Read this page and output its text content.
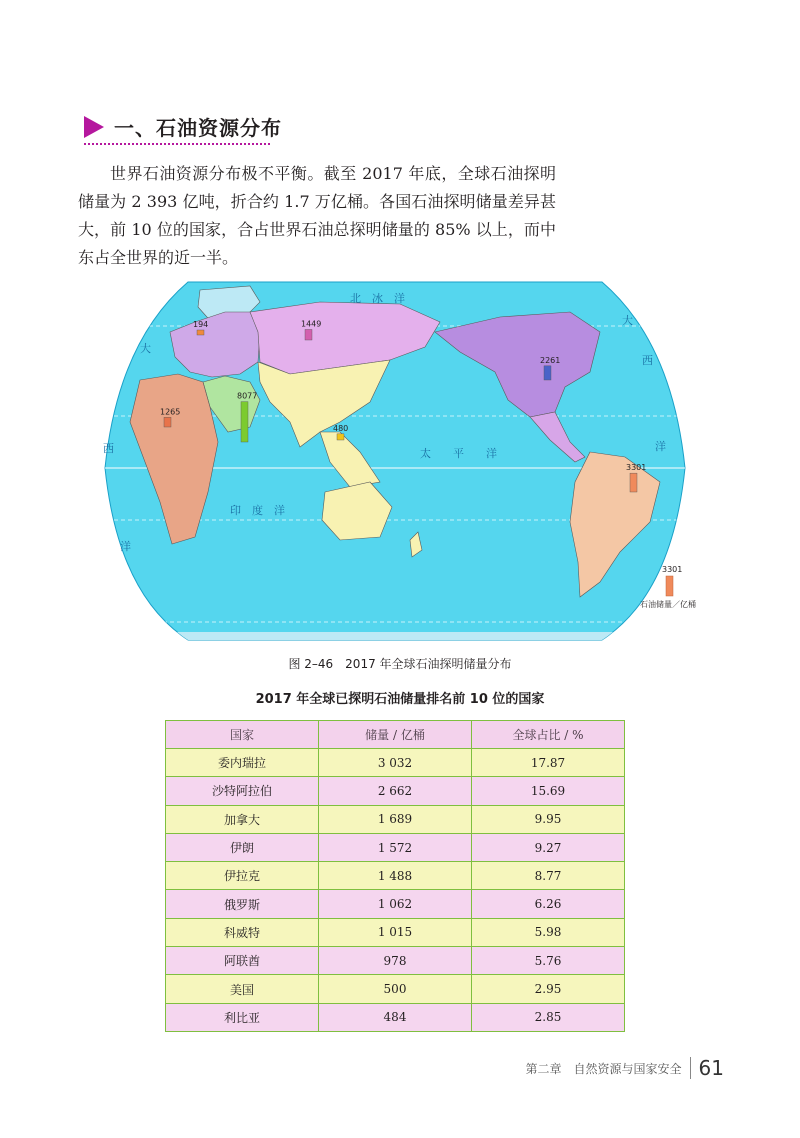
一、石油资源分布
世界石油资源分布极不平衡。截至 2017 年底，全球石油探明储量为 2 393 亿吨，折合约 1.7 万亿桶。各国石油探明储量差异甚大，前 10 位的国家，合占世界石油总探明储量的 85% 以上，而中东占全世界的近一半。
北　冰　洋
太　　平　　洋
印　度　洋
大
西
洋
大
西
洋
194	1449
2261
1265
8077
480
3301
3301
石油储量／亿桶
图 2–46　2017 年全球石油探明储量分布
2017 年全球已探明石油储量排名前 10 位的国家
国家	储量 / 亿桶	全球占比 / %
委内瑞拉	3 032	17.87
沙特阿拉伯	2 662	15.69
加拿大	1 689	9.95
伊朗	1 572	9.27
伊拉克	1 488	8.77
俄罗斯	1 062	6.26
科威特	1 015	5.98
阿联酋	978	5.76
美国	500	2.95
利比亚	484	2.85
第二章　自然资源与国家安全 61
